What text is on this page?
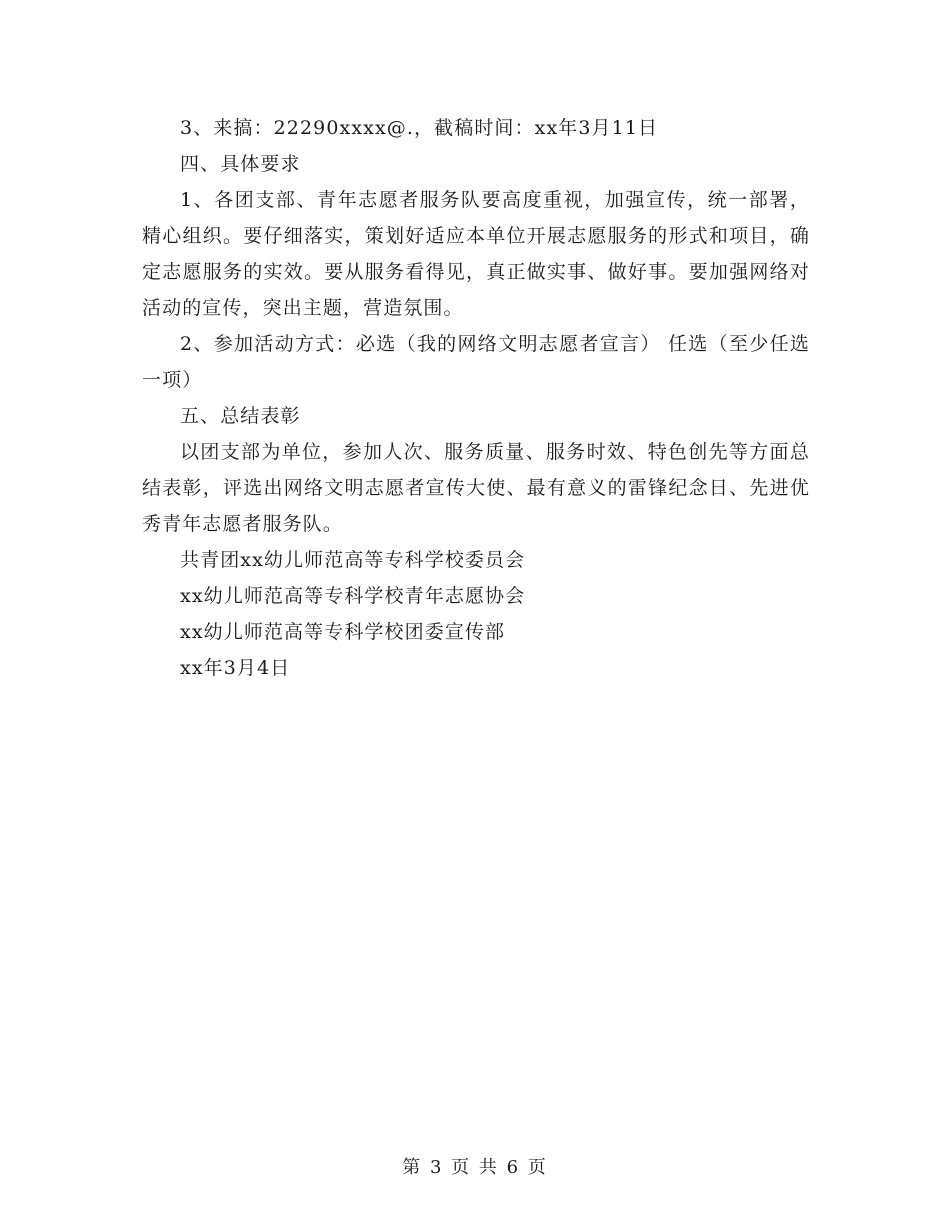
3、来搞：22290xxxx@.，截稿时间：xx年3月11日

四、具体要求

1、各团支部、青年志愿者服务队要高度重视，加强宣传，统一部署，精心组织。要仔细落实，策划好适应本单位开展志愿服务的形式和项目，确定志愿服务的实效。要从服务看得见，真正做实事、做好事。要加强网络对活动的宣传，突出主题，营造氛围。

2、参加活动方式：必选（我的网络文明志愿者宣言） 任选（至少任选一项）

五、总结表彰

以团支部为单位，参加人次、服务质量、服务时效、特色创先等方面总结表彰，评选出网络文明志愿者宣传大使、最有意义的雷锋纪念日、先进优秀青年志愿者服务队。

共青团xx幼儿师范高等专科学校委员会

xx幼儿师范高等专科学校青年志愿协会

xx幼儿师范高等专科学校团委宣传部

xx年3月4日

第 3 页 共 6 页
